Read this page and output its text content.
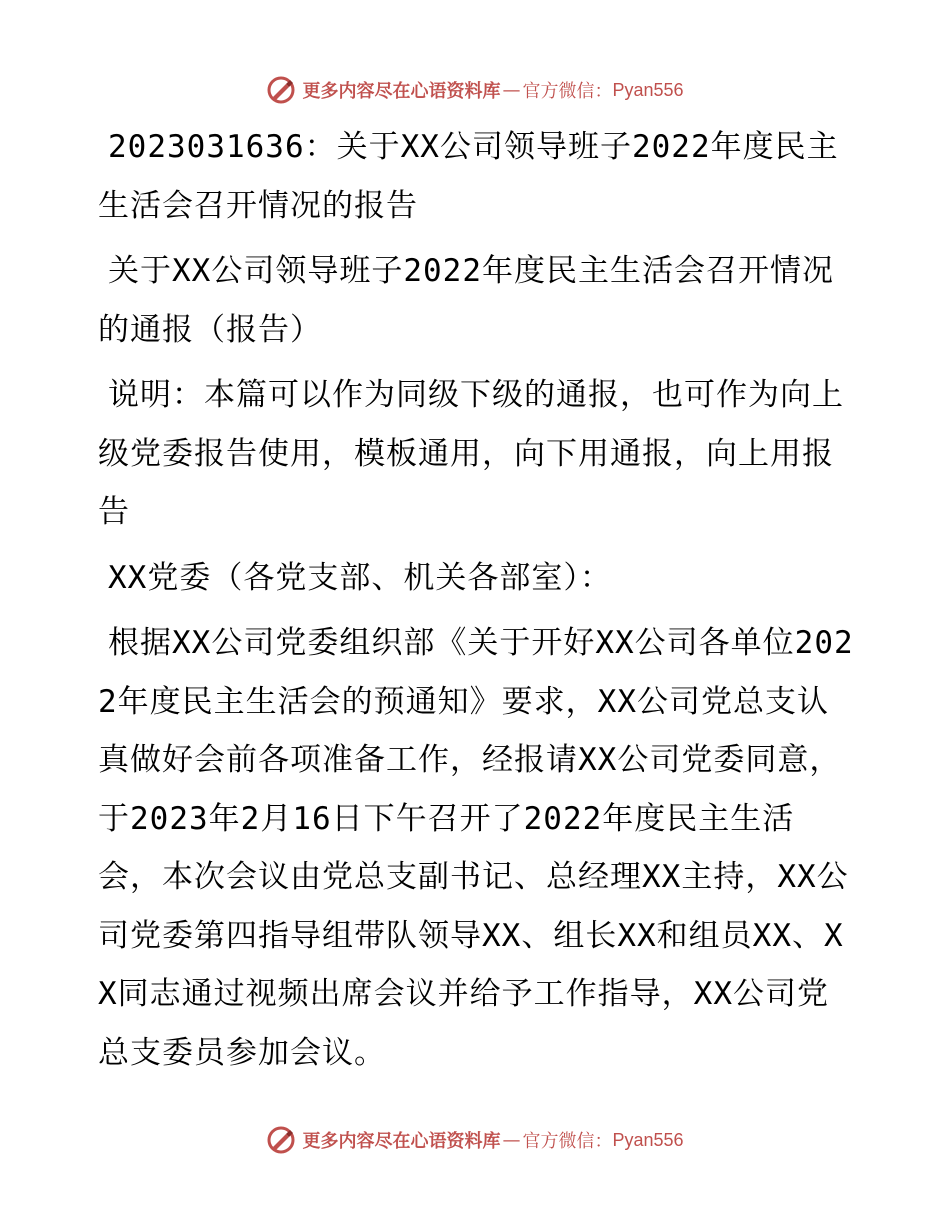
更多内容尽在心语资料库 — 官方微信： Pyan556

2023031636：关于XX公司领导班子2022年度民主生活会召开情况的报告

关于XX公司领导班子2022年度民主生活会召开情况的通报（报告）

说明：本篇可以作为同级下级的通报，也可作为向上级党委报告使用，模板通用，向下用通报，向上用报告

XX党委（各党支部、机关各部室）：

根据XX公司党委组织部《关于开好XX公司各单位2022年度民主生活会的预通知》要求，XX公司党总支认真做好会前各项准备工作，经报请XX公司党委同意，于2023年2月16日下午召开了2022年度民主生活会，本次会议由党总支副书记、总经理XX主持，XX公司党委第四指导组带队领导XX、组长XX和组员XX、XX同志通过视频出席会议并给予工作指导，XX公司党总支委员参加会议。

更多内容尽在心语资料库 — 官方微信： Pyan556
